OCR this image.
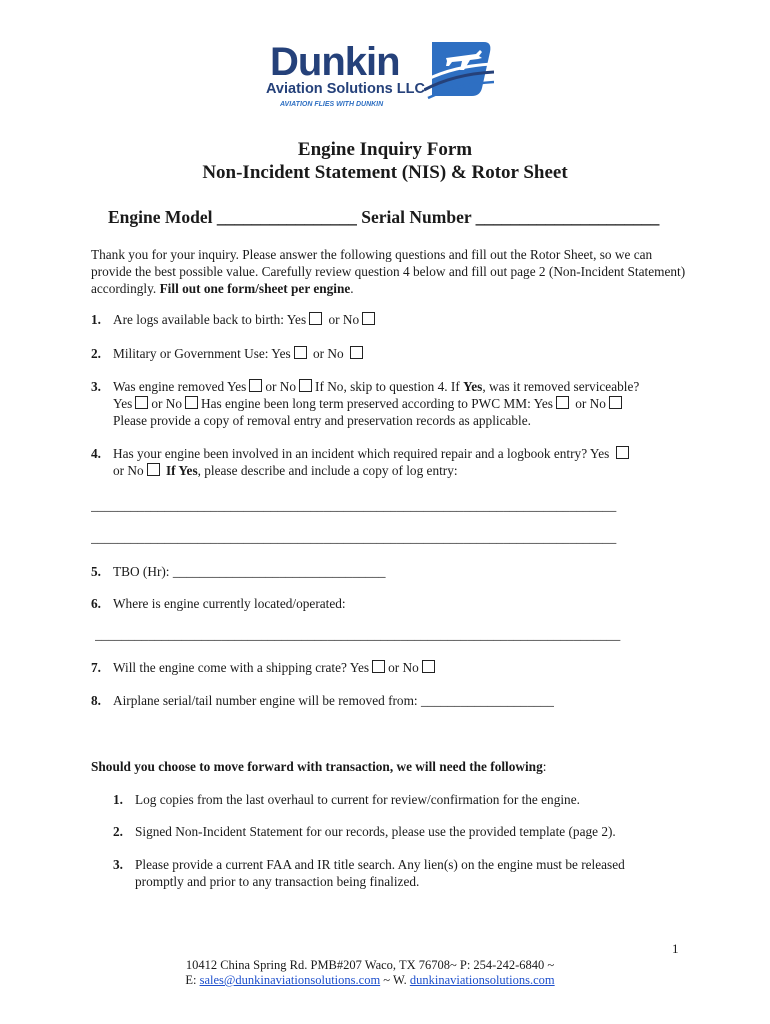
Dunkin
Aviation Solutions LLC
AVIATION FLIES WITH DUNKIN
Engine Inquiry Form
Non-Incident Statement (NIS) & Rotor Sheet
Engine Model ________________ Serial Number _____________________
Thank you for your inquiry. Please answer the following questions and fill out the Rotor Sheet, so we can provide the best possible value. Carefully review question 4 below and fill out page 2 (Non-Incident Statement) accordingly. Fill out one form/sheet per engine.
1. Are logs available back to birth: Yes or No
2. Military or Government Use: Yes or No
3. Was engine removed Yes or No If No, skip to question 4. If Yes, was it removed serviceable?
Yes or No Has engine been long term preserved according to PWC MM: Yes or No
Please provide a copy of removal entry and preservation records as applicable.
4. Has your engine been involved in an incident which required repair and a logbook entry? Yes
or No If Yes, please describe and include a copy of log entry:
_______________________________________________________________________________
_______________________________________________________________________________
5. TBO (Hr): ________________________________
6. Where is engine currently located/operated:
_______________________________________________________________________________
7. Will the engine come with a shipping crate? Yes or No
8. Airplane serial/tail number engine will be removed from: ____________________
Should you choose to move forward with transaction, we will need the following:
1. Log copies from the last overhaul to current for review/confirmation for the engine.
2. Signed Non-Incident Statement for our records, please use the provided template (page 2).
3. Please provide a current FAA and IR title search. Any lien(s) on the engine must be released promptly and prior to any transaction being finalized.
1
10412 China Spring Rd. PMB#207 Waco, TX 76708~ P: 254-242-6840 ~
E: sales@dunkinaviationsolutions.com ~ W. dunkinaviationsolutions.com
